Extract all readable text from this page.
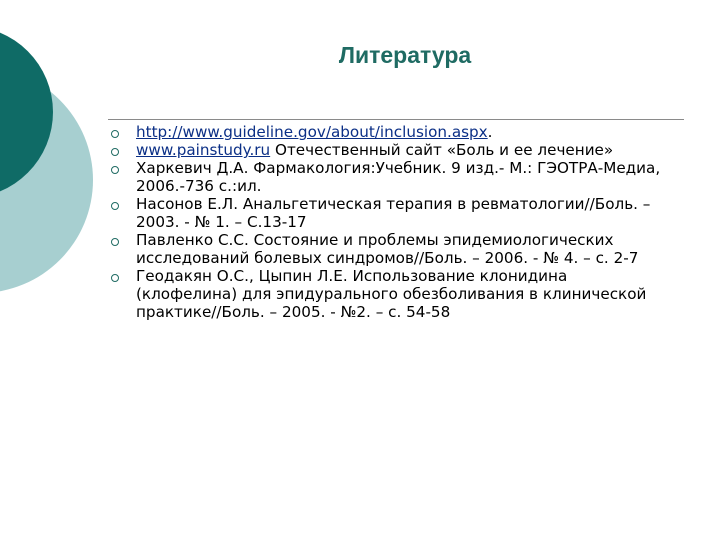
Литература
http://www.guideline.gov/about/inclusion.aspx.
www.painstudy.ru Отечественный сайт «Боль и ее лечение»
Харкевич Д.А. Фармакология:Учебник. 9 изд.- М.: ГЭОТРА-Медиа, 2006.-736 с.:ил.
Насонов Е.Л. Анальгетическая терапия в ревматологии//Боль. – 2003. - № 1. – С.13-17
Павленко С.С. Состояние и проблемы эпидемиологических исследований болевых синдромов//Боль. – 2006. - № 4. – с. 2-7
Геодакян О.С., Цыпин Л.Е. Использование клонидина (клофелина) для эпидурального обезболивания в клинической практике//Боль. – 2005. - №2. – с. 54-58
